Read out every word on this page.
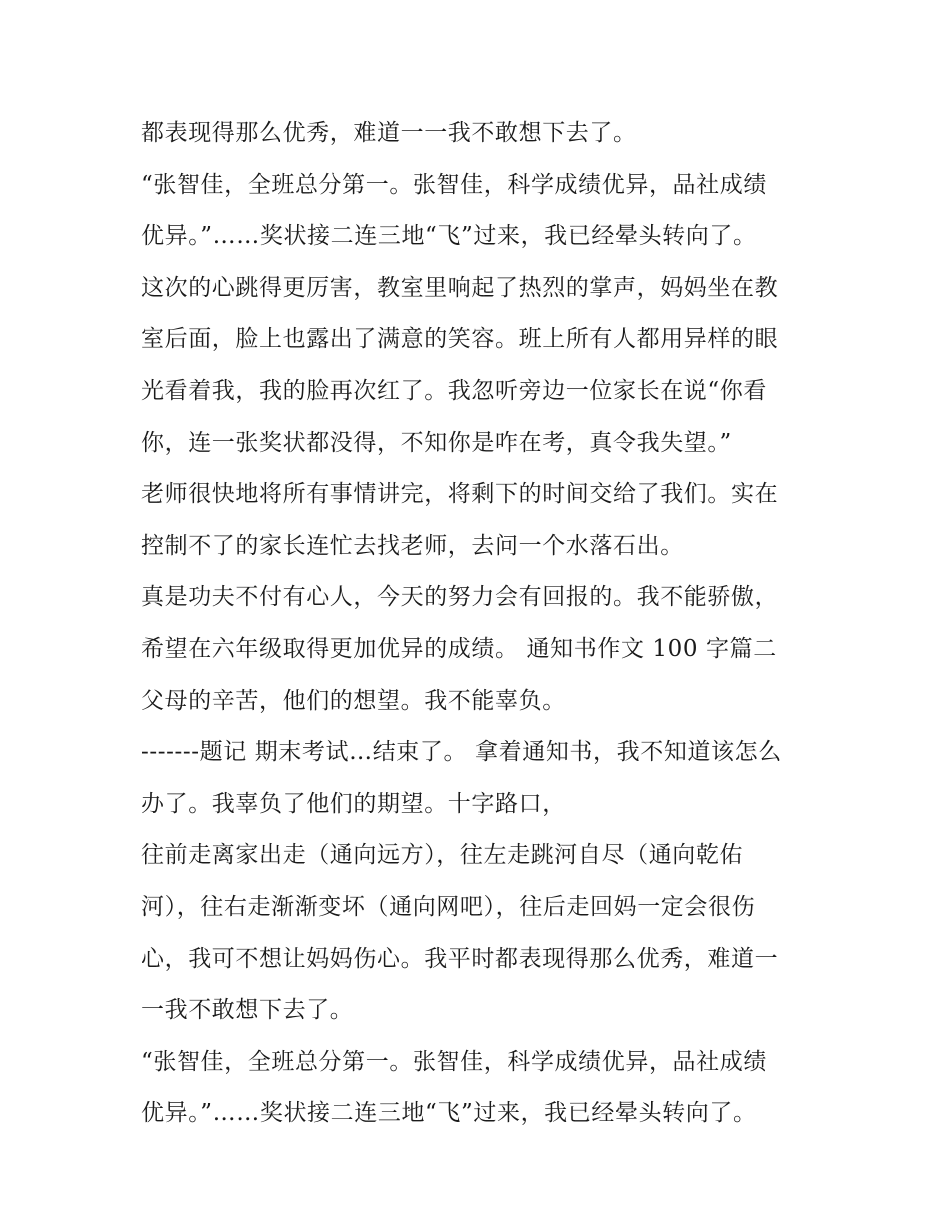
都表现得那么优秀，难道一一我不敢想下去了。
“张智佳，全班总分第一。张智佳，科学成绩优异，品社成绩
优异。”……奖状接二连三地“飞”过来，我已经晕头转向了。
这次的心跳得更厉害，教室里响起了热烈的掌声，妈妈坐在教
室后面，脸上也露出了满意的笑容。班上所有人都用异样的眼
光看着我，我的脸再次红了。我忽听旁边一位家长在说“你看
你，连一张奖状都没得，不知你是咋在考，真令我失望。”
老师很快地将所有事情讲完，将剩下的时间交给了我们。实在
控制不了的家长连忙去找老师，去问一个水落石出。
真是功夫不付有心人，今天的努力会有回报的。我不能骄傲，
希望在六年级取得更加优异的成绩。 通知书作文 100 字篇二
父母的辛苦，他们的想望。我不能辜负。
-------题记 期末考试…结束了。 拿着通知书，我不知道该怎么
办了。我辜负了他们的期望。十字路口，
往前走离家出走（通向远方），往左走跳河自尽（通向乾佑
河），往右走渐渐变坏（通向网吧），往后走回妈一定会很伤
心，我可不想让妈妈伤心。我平时都表现得那么优秀，难道一
一我不敢想下去了。
“张智佳，全班总分第一。张智佳，科学成绩优异，品社成绩
优异。”……奖状接二连三地“飞”过来，我已经晕头转向了。
